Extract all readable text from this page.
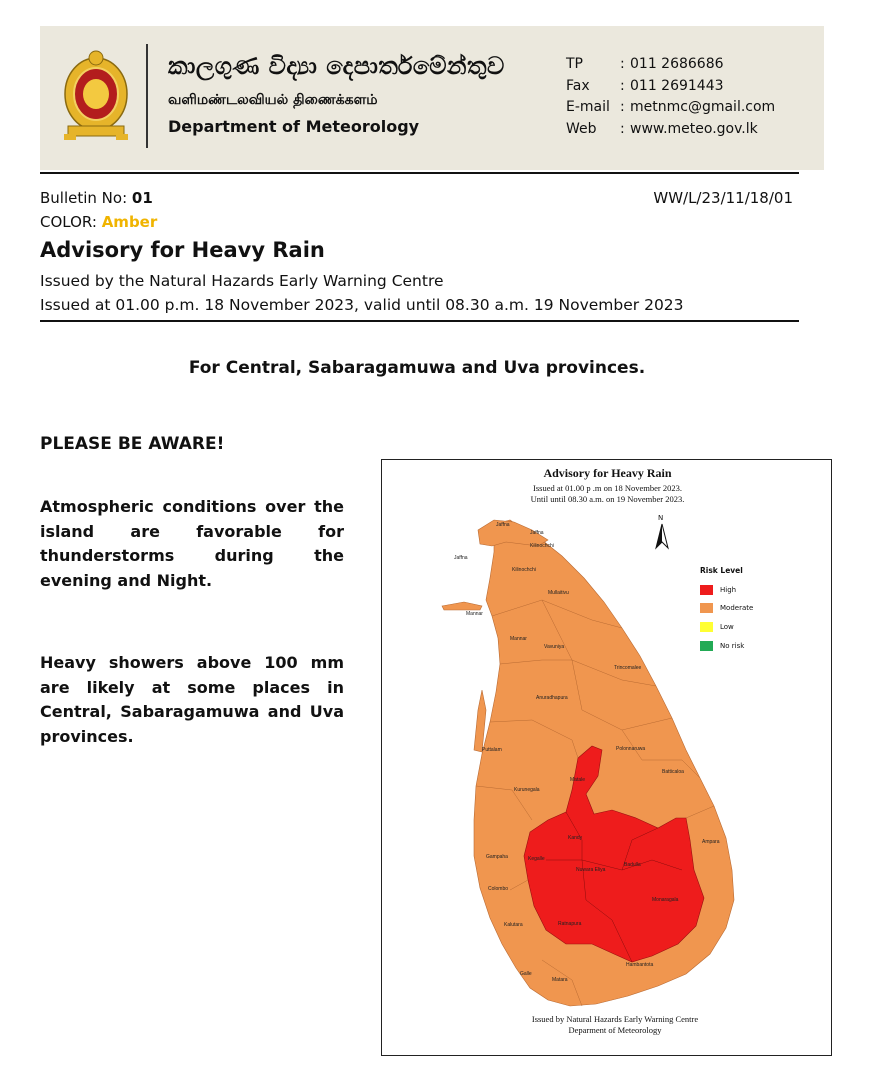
කාලගුණ විද්‍යා දෙපාර්තමේන්තුව
வளிமண்டலவியல் திணைக்களம்
Department of Meteorology
TP	: 011 2686686
Fax	: 011 2691443
E-mail : metnmc@gmail.com
Web	: www.meteo.gov.lk
Bulletin No: 01	WW/L/23/11/18/01
COLOR: Amber
Advisory for Heavy Rain
Issued by the Natural Hazards Early Warning Centre
Issued at 01.00 p.m. 18 November 2023, valid until 08.30 a.m. 19 November 2023
For Central, Sabaragamuwa and Uva provinces.
PLEASE BE AWARE!
Atmospheric conditions over the island are favorable for thunderstorms during the evening and Night.
Heavy showers above 100 mm are likely at some places in Central, Sabaragamuwa and Uva provinces.
Jaffna
Jaffna
Kilinochchi
Jaffna
Kilinochchi
Mullaitivu
Mannar
Mannar
Vavuniya
Trincomalee
Anuradhapura
Puttalam	Polonnaruwa
Batticaloa
Matale
Kurunegala
Kandy
Ampara
Gampaha	Kegalle
Nuwara Eliya
Badulla
Colombo
Monaragala
Kalutara	Ratnapura
Hambantota
Galle
Matara
Advisory for Heavy Rain
Issued at 01.00 p .m on 18 November 2023.
Until until 08.30 a.m. on 19 November 2023.
N
Risk Level
High
Moderate
Low
No risk
Issued by Natural Hazards Early Warning Centre
Deparment of Meteorology
